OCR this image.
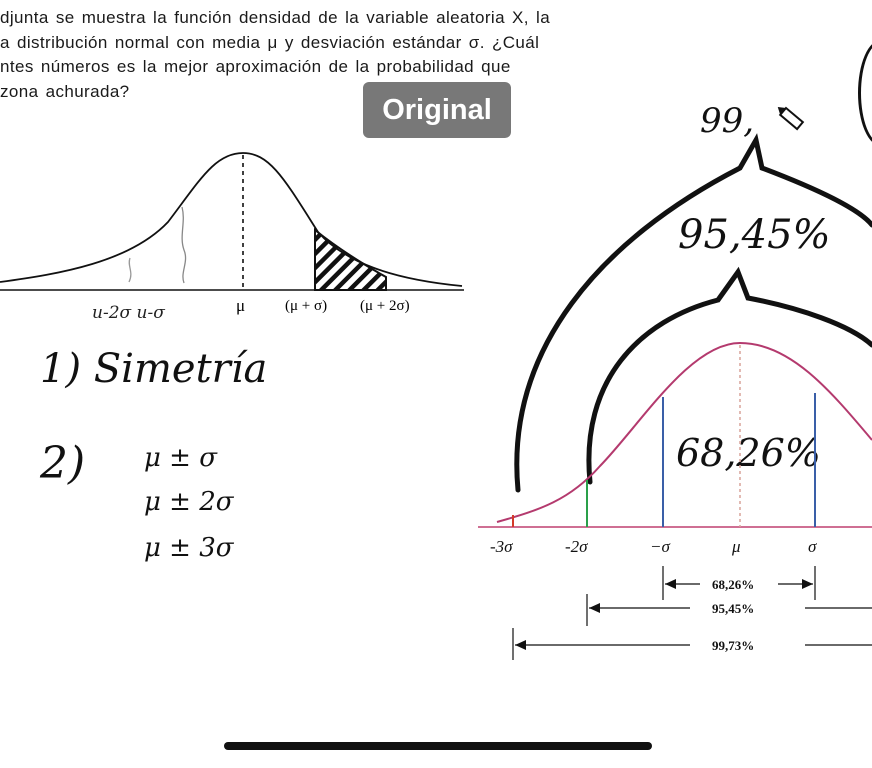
djunta se muestra la función densidad de la variable aleatoria X, la
a distribución normal con media μ y desviación estándar σ. ¿Cuál
ntes números es la mejor aproximación de la probabilidad que
zona achurada?
μ	(μ + σ) (μ + 2σ)
u-2σ u-σ
1) Simetría
2) μ ± σ
μ ± 2σ
μ ± 3σ
99,
95,45%
68,26%
-3σ	-2σ	−σ	μ	σ
68,26%
95,45%
99,73%
Original
